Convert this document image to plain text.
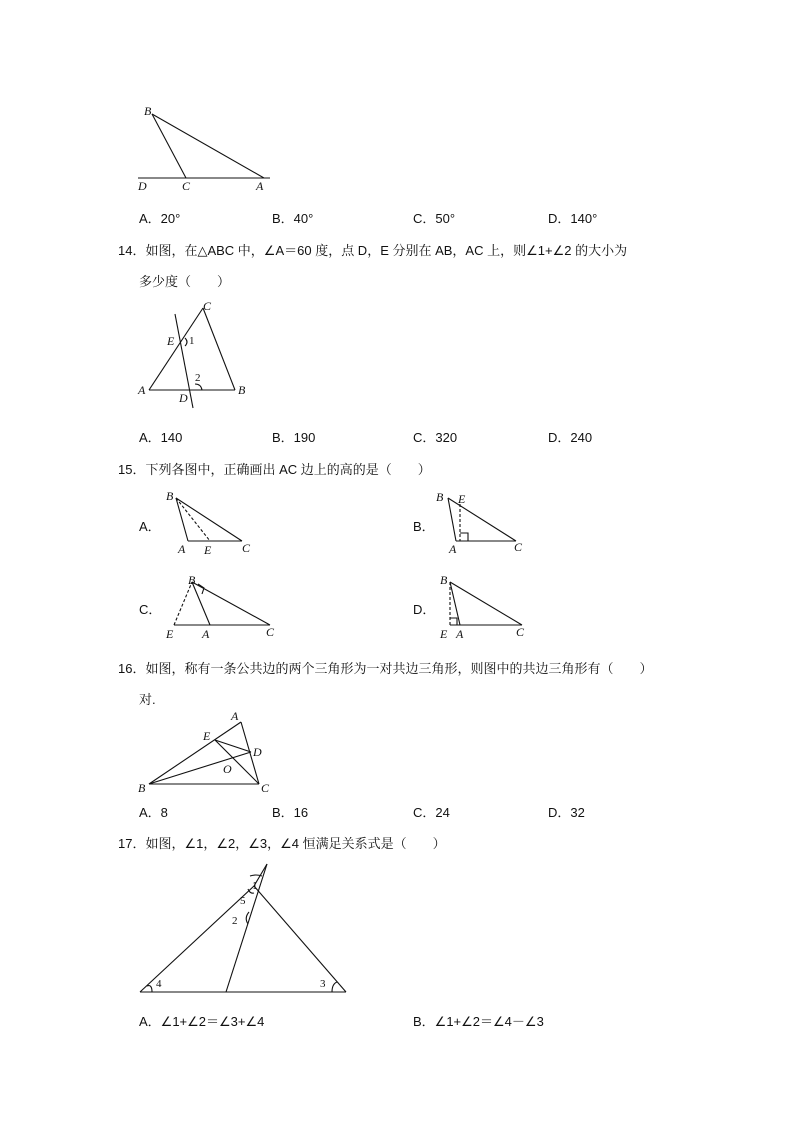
B
D	C	A
A．20°	B．40°	C．50°	D．140°
14．如图，在△ABC 中，∠A＝60 度，点 D，E 分别在 AB，AC 上，则∠1+∠2 的大小为
多少度（　　）
C
E 1
2
A	B
D
A．140	B．190	C．320	D．240
15．下列各图中，正确画出 AC 边上的高的是（　　）
A．
B
A E	C
B．
B E
A	C
C．
B
E A	C
D．
B
E A	C
16．如图，称有一条公共边的两个三角形为一对共边三角形，则图中的共边三角形有（　　）
对.
A
E
D
O
B	C
A．8	B．16	C．24	D．32
17．如图，∠1，∠2，∠3，∠4 恒满足关系式是（　　）
1
5
2
4	3
A．∠1+∠2＝∠3+∠4	B．∠1+∠2＝∠4－∠3
